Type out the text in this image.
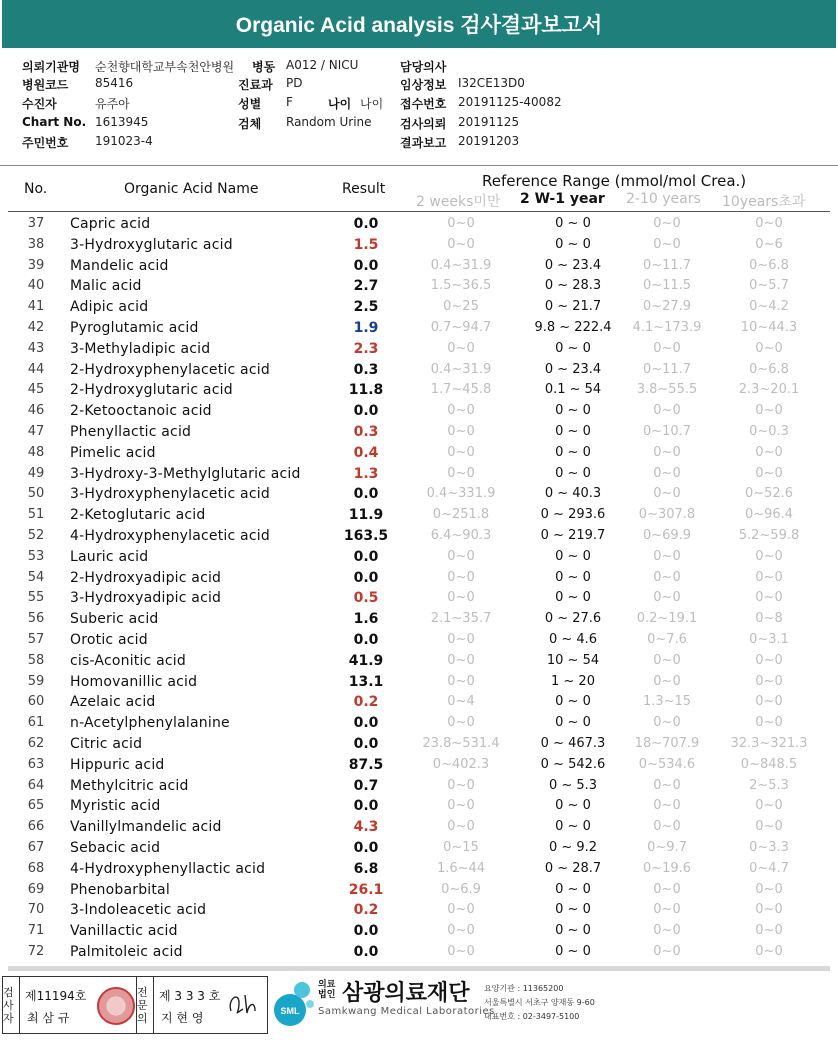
Organic Acid analysis 검사결과보고서
의뢰기관명 순천향대학교부속천안병원 병동 A012 / NICU	담당의사
병원코드 85416	진료과 PD	임상정보 I32CE13D0
수진자	유주아	성별 F	나이 나이 접수번호 20191125-40082
Chart No. 1613945	검체 Random Urine 검사의뢰 20191125
주민번호 191023-4	결과보고 20191203
No.	Organic Acid Name	Result	Reference Range (mmol/mol Crea.)
2 weeks미만 2 W-1 year 2-10 years 10years초과
37	Capric acid	0.0	0~0	0 ~ 0	0~0	0~0
38	3-Hydroxyglutaric acid	1.5	0~0	0 ~ 0	0~0	0~6
39	Mandelic acid	0.0	0.4~31.9	0 ~ 23.4	0~11.7	0~6.8
40	Malic acid	2.7	1.5~36.5	0 ~ 28.3	0~11.5	0~5.7
41	Adipic acid	2.5	0~25	0 ~ 21.7	0~27.9	0~4.2
42	Pyroglutamic acid	1.9	0.7~94.7	9.8 ~ 222.4	4.1~173.9	10~44.3
43	3-Methyladipic acid	2.3	0~0	0 ~ 0	0~0	0~0
44	2-Hydroxyphenylacetic acid	0.3	0.4~31.9	0 ~ 23.4	0~11.7	0~6.8
45	2-Hydroxyglutaric acid	11.8	1.7~45.8	0.1 ~ 54	3.8~55.5	2.3~20.1
46	2-Ketooctanoic acid	0.0	0~0	0 ~ 0	0~0	0~0
47	Phenyllactic acid	0.3	0~0	0 ~ 0	0~10.7	0~0.3
48	Pimelic acid	0.4	0~0	0 ~ 0	0~0	0~0
49	3-Hydroxy-3-Methylglutaric acid	1.3	0~0	0 ~ 0	0~0	0~0
50	3-Hydroxyphenylacetic acid	0.0	0.4~331.9	0 ~ 40.3	0~0	0~52.6
51	2-Ketoglutaric acid	11.9	0~251.8	0 ~ 293.6	0~307.8	0~96.4
52	4-Hydroxyphenylacetic acid	163.5	6.4~90.3	0 ~ 219.7	0~69.9	5.2~59.8
53	Lauric acid	0.0	0~0	0 ~ 0	0~0	0~0
54	2-Hydroxyadipic acid	0.0	0~0	0 ~ 0	0~0	0~0
55	3-Hydroxyadipic acid	0.5	0~0	0 ~ 0	0~0	0~0
56	Suberic acid	1.6	2.1~35.7	0 ~ 27.6	0.2~19.1	0~8
57	Orotic acid	0.0	0~0	0 ~ 4.6	0~7.6	0~3.1
58	cis-Aconitic acid	41.9	0~0	10 ~ 54	0~0	0~0
59	Homovanillic acid	13.1	0~0	1 ~ 20	0~0	0~0
60	Azelaic acid	0.2	0~4	0 ~ 0	1.3~15	0~0
61	n-Acetylphenylalanine	0.0	0~0	0 ~ 0	0~0	0~0
62	Citric acid	0.0	23.8~531.4	0 ~ 467.3	18~707.9	32.3~321.3
63	Hippuric acid	87.5	0~402.3	0 ~ 542.6	0~534.6	0~848.5
64	Methylcitric acid	0.7	0~0	0 ~ 5.3	0~0	2~5.3
65	Myristic acid	0.0	0~0	0 ~ 0	0~0	0~0
66	Vanillylmandelic acid	4.3	0~0	0 ~ 0	0~0	0~0
67	Sebacic acid	0.0	0~15	0 ~ 9.2	0~9.7	0~3.3
68	4-Hydroxyphenyllactic acid	6.8	1.6~44	0 ~ 28.7	0~19.6	0~4.7
69	Phenobarbital	26.1	0~6.9	0 ~ 0	0~0	0~0
70	3-Indoleacetic acid	0.2	0~0	0 ~ 0	0~0	0~0
71	Vanillactic acid	0.0	0~0	0 ~ 0	0~0	0~0
72	Palmitoleic acid	0.0	0~0	0 ~ 0	0~0	0~0
검사자
제11194호
최 삼 규
전문의
제 3 3 3 호
지 현 영	SML
의료법인 삼광의료재단
Samkwang Medical Laboratories
요양기관 : 11365200
서울특별시 서초구 양재동 9-60
대표번호 : 02-3497-5100
